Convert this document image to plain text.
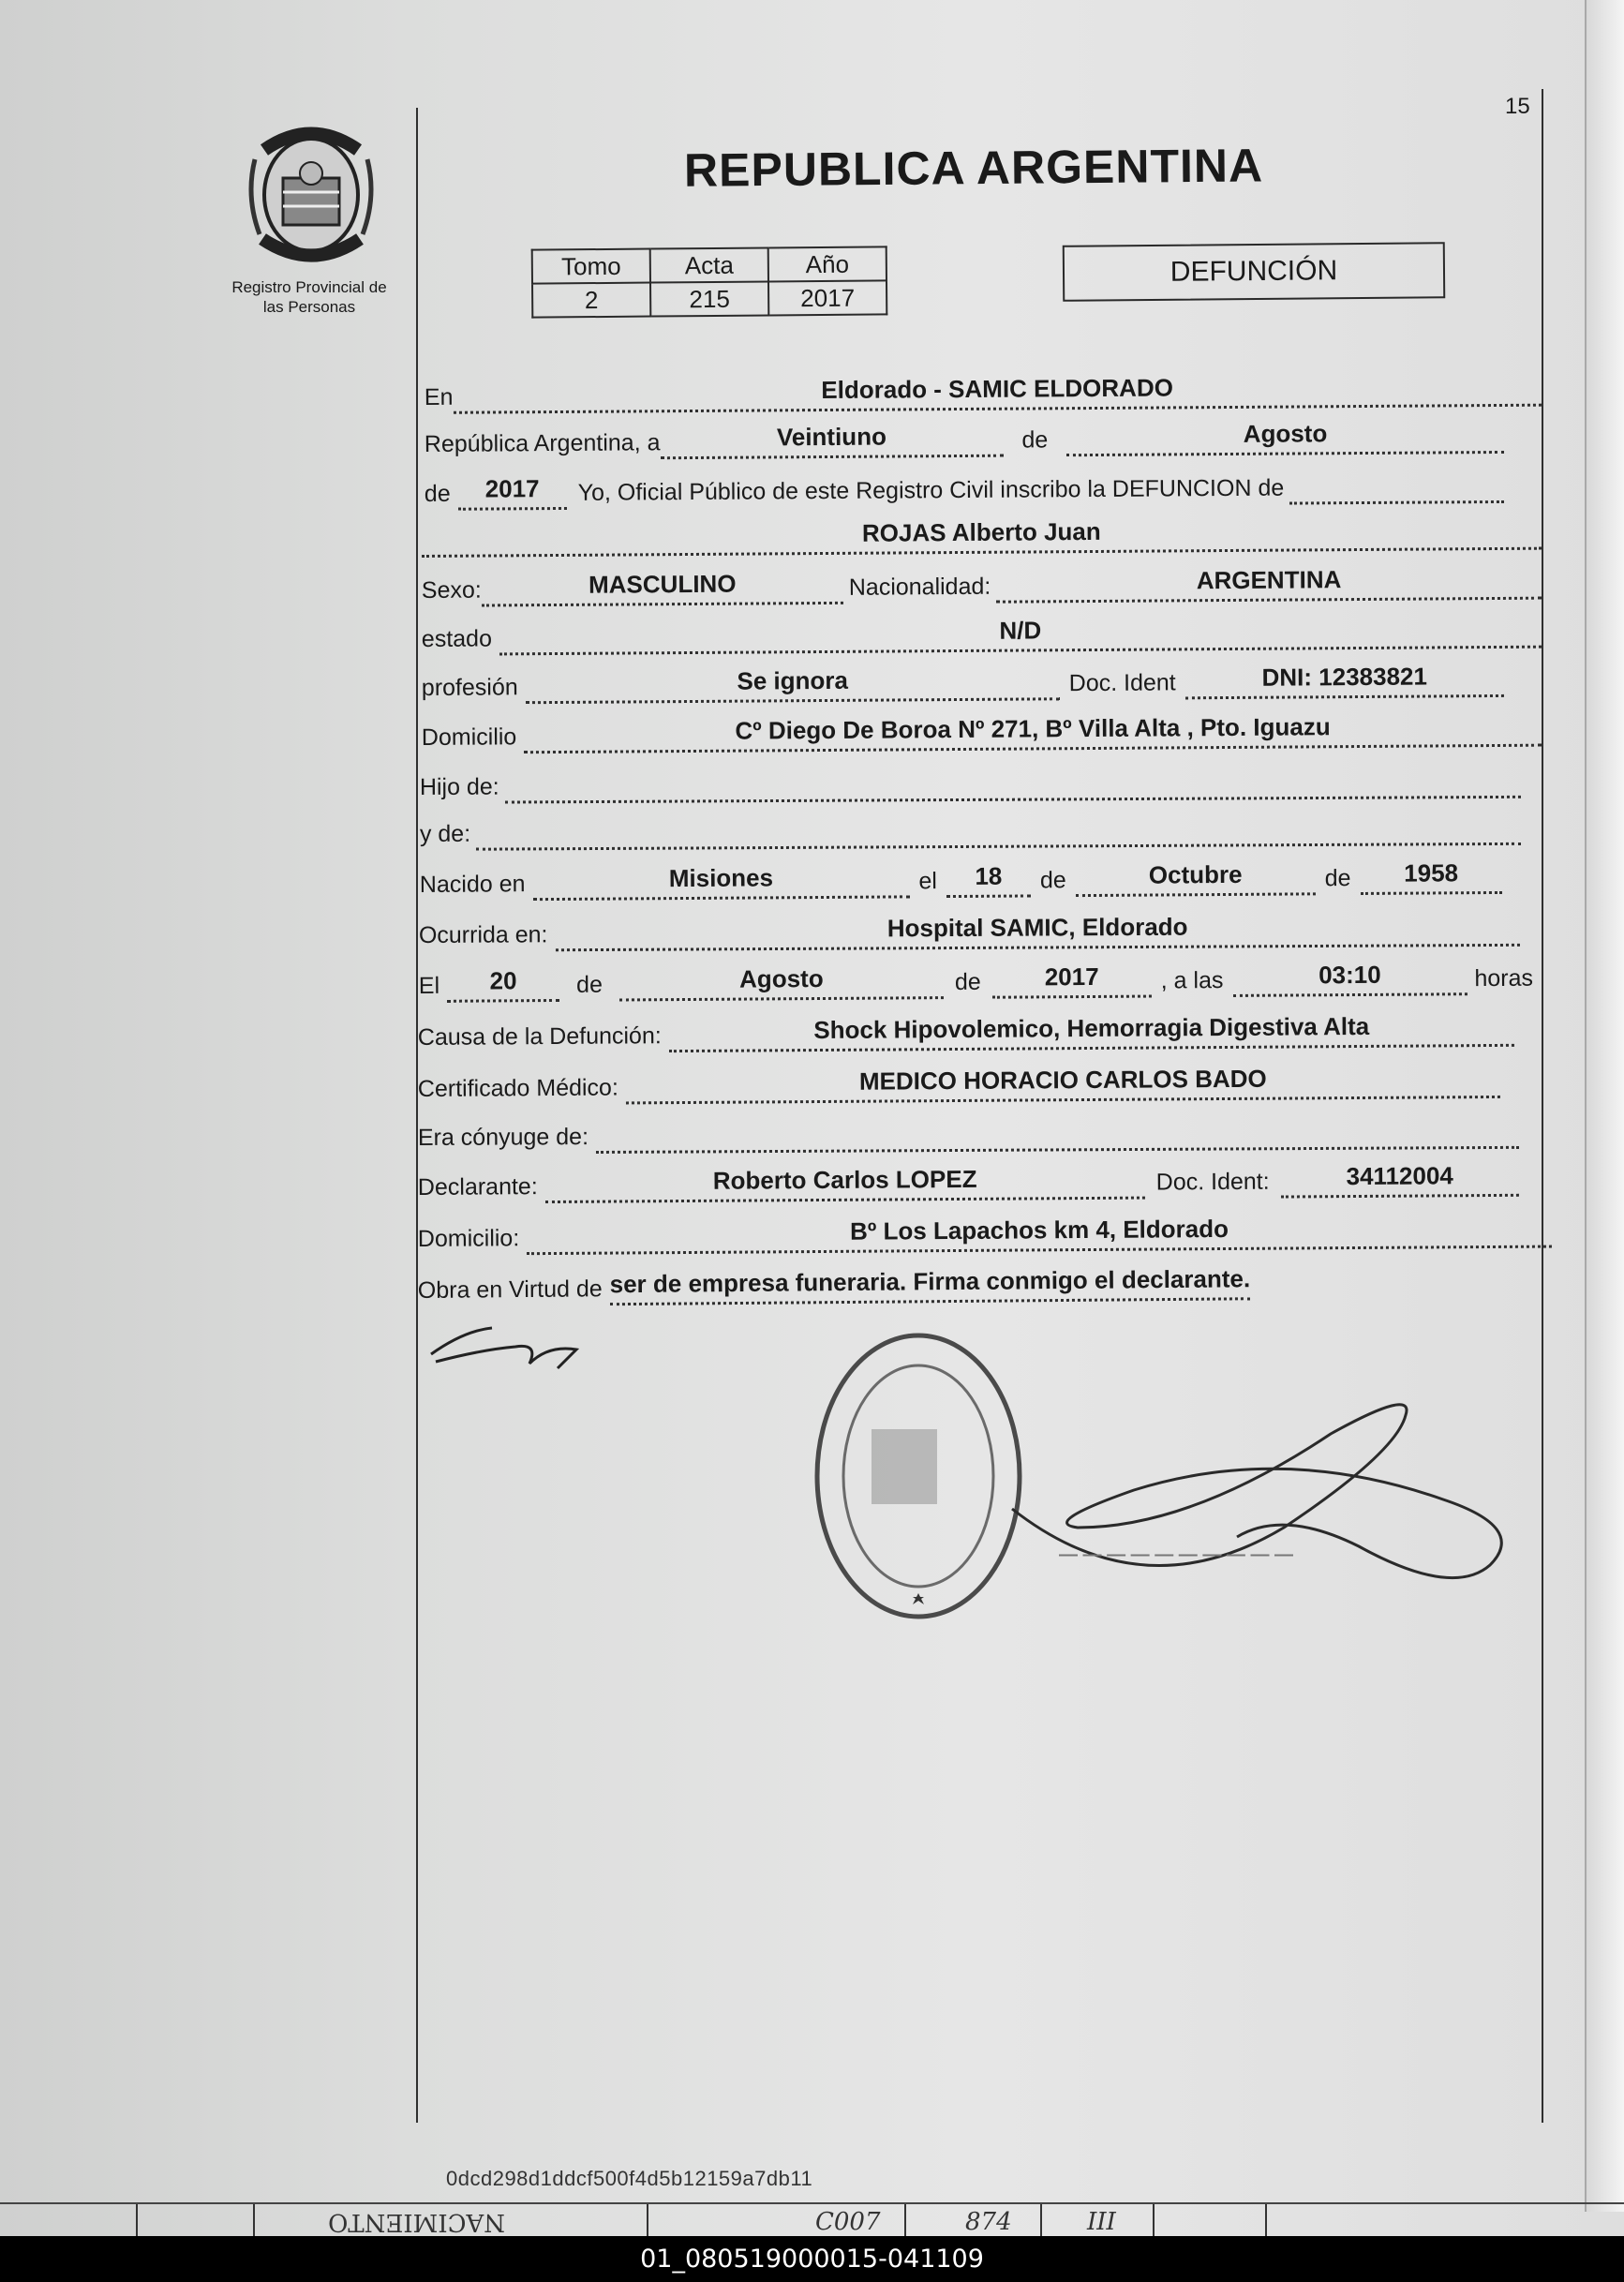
15
Registro Provincial de
las Personas
REPUBLICA ARGENTINA
Tomo	Acta	Año
2	215	2017
DEFUNCIÓN
En	Eldorado - SAMIC ELDORADO
República Argentina, a	Veintiuno	de	Agosto
de	2017	Yo, Oficial Público de este Registro Civil inscribo la DEFUNCION de
ROJAS Alberto Juan
Sexo:	MASCULINO	Nacionalidad:	ARGENTINA
estado	N/D
profesión	Se ignora	Doc. Ident	DNI: 12383821
Domicilio	Cº Diego De Boroa Nº 271, Bº Villa Alta , Pto. Iguazu
Hijo de:
y de:
Nacido en	Misiones	el	18	de	Octubre	de	1958
Ocurrida en:	Hospital SAMIC, Eldorado
El	20	de	Agosto	de	2017	, a las	03:10	horas
Causa de la Defunción:	Shock Hipovolemico, Hemorragia Digestiva Alta
Certificado Médico:	MEDICO HORACIO CARLOS BADO
Era cónyuge de:
Declarante:	Roberto Carlos LOPEZ	Doc. Ident:	34112004
Domicilio:	Bº Los Lapachos km 4, Eldorado
Obra en Virtud de ser de empresa funeraria. Firma conmigo el declarante.
— — — — — — — — — —
0dcd298d1ddcf500f4d5b12159a7db11
NACIMIENTO	C007	874	III
01_080519000015-041109
